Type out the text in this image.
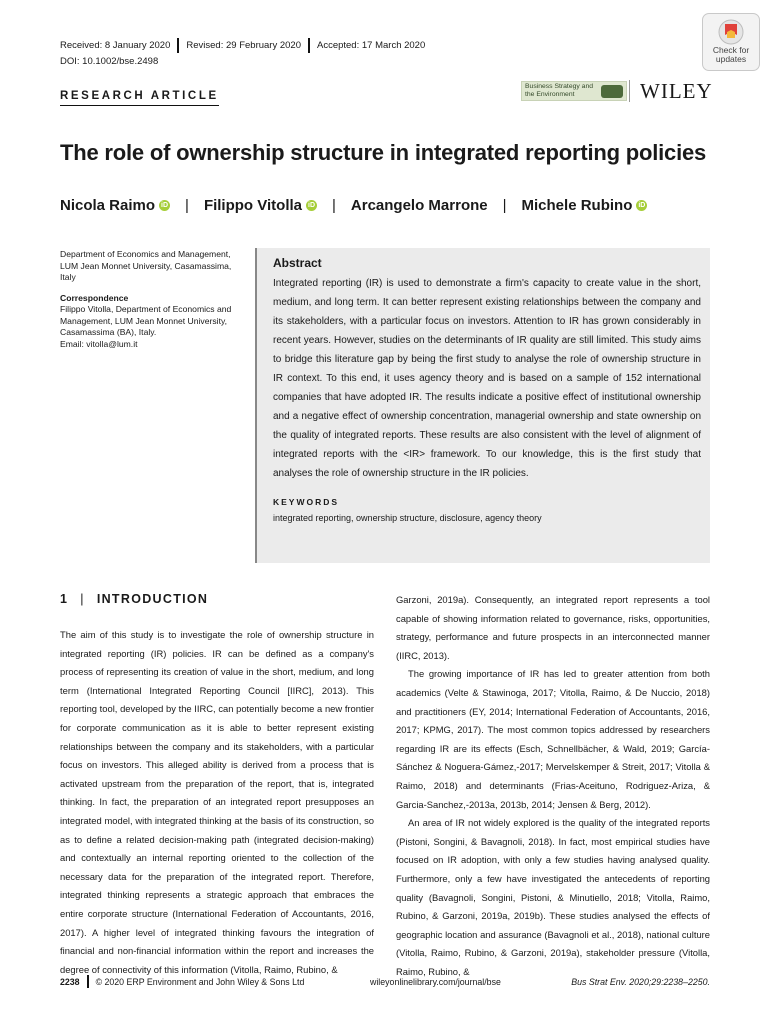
Received: 8 January 2020 Revised: 29 February 2020 Accepted: 17 March 2020
DOI: 10.1002/bse.2498
Check for updates
RESEARCH ARTICLE
Business Strategy and the Environment	WILEY
The role of ownership structure in integrated reporting policies
Nicola Raimo iD | Filippo Vitolla iD | Arcangelo Marrone | Michele Rubino iD
Department of Economics and Management, LUM Jean Monnet University, Casamassima, Italy
Correspondence
Filippo Vitolla, Department of Economics and Management, LUM Jean Monnet University, Casamassima (BA), Italy.
Email: vitolla@lum.it
Abstract
Integrated reporting (IR) is used to demonstrate a firm's capacity to create value in the short, medium, and long term. It can better represent existing relationships between the company and its stakeholders, with a particular focus on investors. Attention to IR has grown considerably in recent years. However, studies on the determinants of IR quality are still limited. This study aims to bridge this literature gap by being the first study to analyse the role of ownership structure in IR context. To this end, it uses agency theory and is based on a sample of 152 international companies that have adopted IR. The results indicate a positive effect of institutional ownership and a negative effect of ownership concentration, managerial ownership and state ownership on the quality of integrated reports. These results are also consistent with the level of alignment of integrated reports with the <IR> framework. To our knowledge, this is the first study that analyses the role of ownership structure in the IR policies.
KEYWORDS
integrated reporting, ownership structure, disclosure, agency theory
1 | INTRODUCTION

The aim of this study is to investigate the role of ownership structure in integrated reporting (IR) policies. IR can be defined as a company's process of representing its creation of value in the short, medium, and long term (International Integrated Reporting Council [IIRC], 2013). This reporting tool, developed by the IIRC, can potentially become a new frontier for corporate communication as it is able to better represent existing relationships between the company and its stakeholders, with a particular focus on investors. This alleged ability is derived from a process that is activated upstream from the preparation of the report, that is, integrated thinking. In fact, the preparation of an integrated report presupposes an integrated model, with integrated thinking at the basis of its construction, so as to define a related decision-making path (integrated decision-making) and contextually an internal reporting oriented to the collection of the necessary data for the preparation of the integrated report. Therefore, integrated thinking represents a strategic approach that embraces the entire corporate structure (International Federation of Accountants, 2016, 2017). A higher level of integrated thinking favours the integration of financial and non-financial information within the report and increases the degree of connectivity of this information (Vitolla, Raimo, Rubino, &

Garzoni, 2019a). Consequently, an integrated report represents a tool capable of showing information related to governance, risks, opportunities, strategy, performance and future prospects in an interconnected manner (IIRC, 2013).

The growing importance of IR has led to greater attention from both academics (Velte & Stawinoga, 2017; Vitolla, Raimo, & De Nuccio, 2018) and practitioners (EY, 2014; International Federation of Accountants, 2016, 2017; KPMG, 2017). The most common topics addressed by researchers regarding IR are its effects (Esch, Schnellbächer, & Wald, 2019; García-Sánchez & Noguera-Gámez,-2017; Mervelskemper & Streit, 2017; Vitolla & Raimo, 2018) and determinants (Frias-Aceituno, Rodriguez-Ariza, & Garcia-Sanchez,-2013a, 2013b, 2014; Jensen & Berg, 2012).

An area of IR not widely explored is the quality of the integrated reports (Pistoni, Songini, & Bavagnoli, 2018). In fact, most empirical studies have focused on IR adoption, with only a few studies having analysed quality. Furthermore, only a few have investigated the antecedents of reporting quality (Bavagnoli, Songini, Pistoni, & Minutiello, 2018; Vitolla, Raimo, Rubino, & Garzoni, 2019a, 2019b). These studies analysed the effects of geographic location and assurance (Bavagnoli et al., 2018), national culture (Vitolla, Raimo, Rubino, & Garzoni, 2019a), stakeholder pressure (Vitolla, Raimo, Rubino, &

2238 © 2020 ERP Environment and John Wiley & Sons Ltd	wileyonlinelibrary.com/journal/bse	Bus Strat Env. 2020;29:2238–2250.
